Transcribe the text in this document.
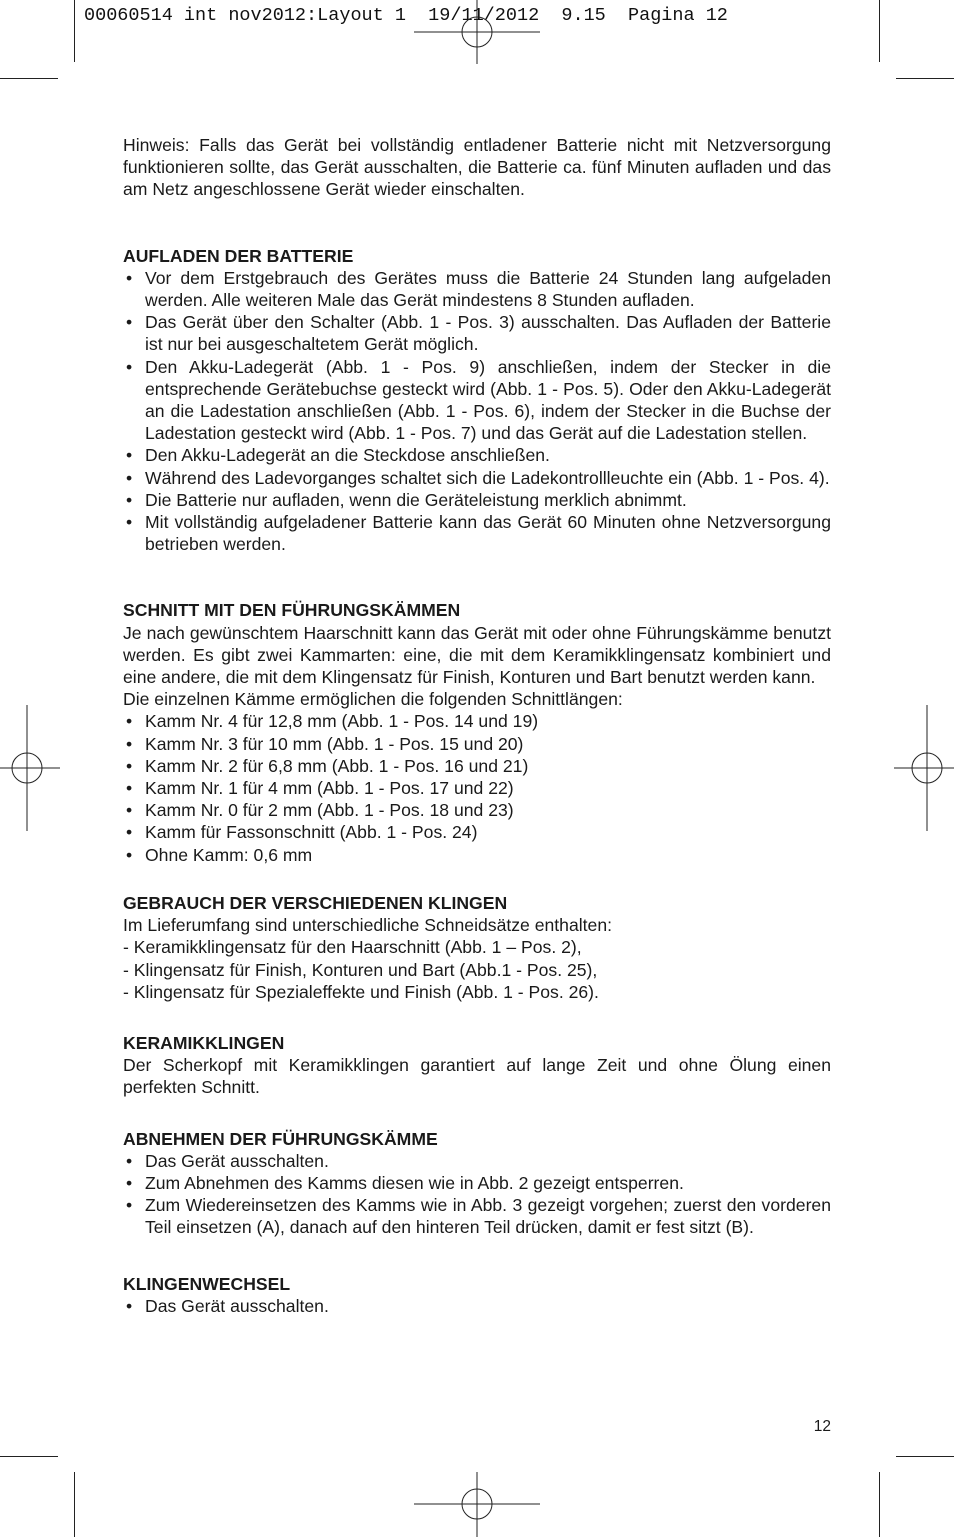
00060514 int nov2012:Layout 1  19/11/2012  9.15  Pagina 12

Hinweis: Falls das Gerät bei vollständig entladener Batterie nicht mit Netzversorgung funktionieren sollte, das Gerät ausschalten, die Batterie ca. fünf Minuten aufladen und das am Netz angeschlossene Gerät wieder einschalten.

AUFLADEN DER BATTERIE
• Vor dem Erstgebrauch des Gerätes muss die Batterie 24 Stunden lang aufgeladen werden. Alle weiteren Male das Gerät mindestens 8 Stunden aufladen.
• Das Gerät über den Schalter (Abb. 1 - Pos. 3) ausschalten. Das Aufladen der Batterie ist nur bei ausgeschaltetem Gerät möglich.
• Den Akku-Ladegerät (Abb. 1 - Pos. 9) anschließen, indem der Stecker in die entsprechende Gerätebuchse gesteckt wird (Abb. 1 - Pos. 5). Oder den Akku-Ladegerät an die Ladestation anschließen (Abb. 1 - Pos. 6), indem der Stecker in die Buchse der Ladestation gesteckt wird (Abb. 1 - Pos. 7) und das Gerät auf die Ladestation stellen.
• Den Akku-Ladegerät an die Steckdose anschließen.
• Während des Ladevorganges schaltet sich die Ladekontrollleuchte ein (Abb. 1 - Pos. 4).
• Die Batterie nur aufladen, wenn die Geräteleistung merklich abnimmt.
• Mit vollständig aufgeladener Batterie kann das Gerät 60 Minuten ohne Netzversorgung betrieben werden.
SCHNITT MIT DEN FÜHRUNGSKÄMMEN

Je nach gewünschtem Haarschnitt kann das Gerät mit oder ohne Führungskämme benutzt werden. Es gibt zwei Kammarten: eine, die mit dem Keramikklingensatz kombiniert und eine andere, die mit dem Klingensatz für Finish, Konturen und Bart benutzt werden kann.

Die einzelnen Kämme ermöglichen die folgenden Schnittlängen:

• Kamm Nr. 4 für 12,8 mm (Abb. 1 - Pos. 14 und 19)
• Kamm Nr. 3 für 10 mm (Abb. 1 - Pos. 15 und 20)
• Kamm Nr. 2 für 6,8 mm (Abb. 1 - Pos. 16 und 21)
• Kamm Nr. 1 für 4 mm (Abb. 1 - Pos. 17 und 22)
• Kamm Nr. 0 für 2 mm (Abb. 1 - Pos. 18 und 23)
• Kamm für Fassonschnitt (Abb. 1 - Pos. 24)
• Ohne Kamm: 0,6 mm
GEBRAUCH DER VERSCHIEDENEN KLINGEN

Im Lieferumfang sind unterschiedliche Schneidsätze enthalten:

- Keramikklingensatz für den Haarschnitt (Abb. 1 – Pos. 2),
- Klingensatz für Finish, Konturen und Bart (Abb.1 - Pos. 25),
- Klingensatz für Spezialeffekte und Finish (Abb. 1 - Pos. 26).
KERAMIKKLINGEN

Der Scherkopf mit Keramikklingen garantiert auf lange Zeit und ohne Ölung einen perfekten Schnitt.

ABNEHMEN DER FÜHRUNGSKÄMME
• Das Gerät ausschalten.
• Zum Abnehmen des Kamms diesen wie in Abb. 2 gezeigt entsperren.
• Zum Wiedereinsetzen des Kamms wie in Abb. 3 gezeigt vorgehen; zuerst den vorderen Teil einsetzen (A), danach auf den hinteren Teil drücken, damit er fest sitzt (B).
KLINGENWECHSEL
• Das Gerät ausschalten.
12
